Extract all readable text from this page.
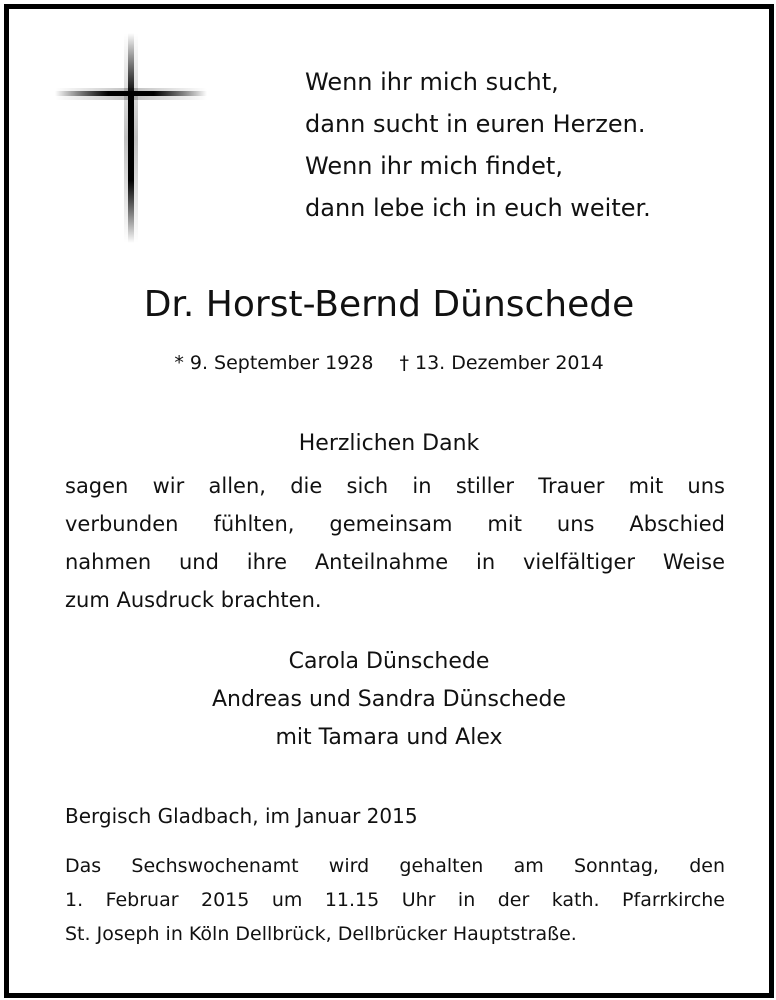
Wenn ihr mich sucht,
dann sucht in euren Herzen.
Wenn ihr mich findet,
dann lebe ich in euch weiter.
Dr. Horst-Bernd Dünschede
* 9. September 1928 † 13. Dezember 2014
Herzlichen Dank
sagen wir allen, die sich in stiller Trauer mit uns
verbunden fühlten, gemeinsam mit uns Abschied
nahmen und ihre Anteilnahme in vielfältiger Weise
zum Ausdruck brachten.
Carola Dünschede
Andreas und Sandra Dünschede
mit Tamara und Alex
Bergisch Gladbach, im Januar 2015
Das Sechswochenamt wird gehalten am Sonntag, den
1. Februar 2015 um 11.15 Uhr in der kath. Pfarrkirche
St. Joseph in Köln Dellbrück, Dellbrücker Hauptstraße.
